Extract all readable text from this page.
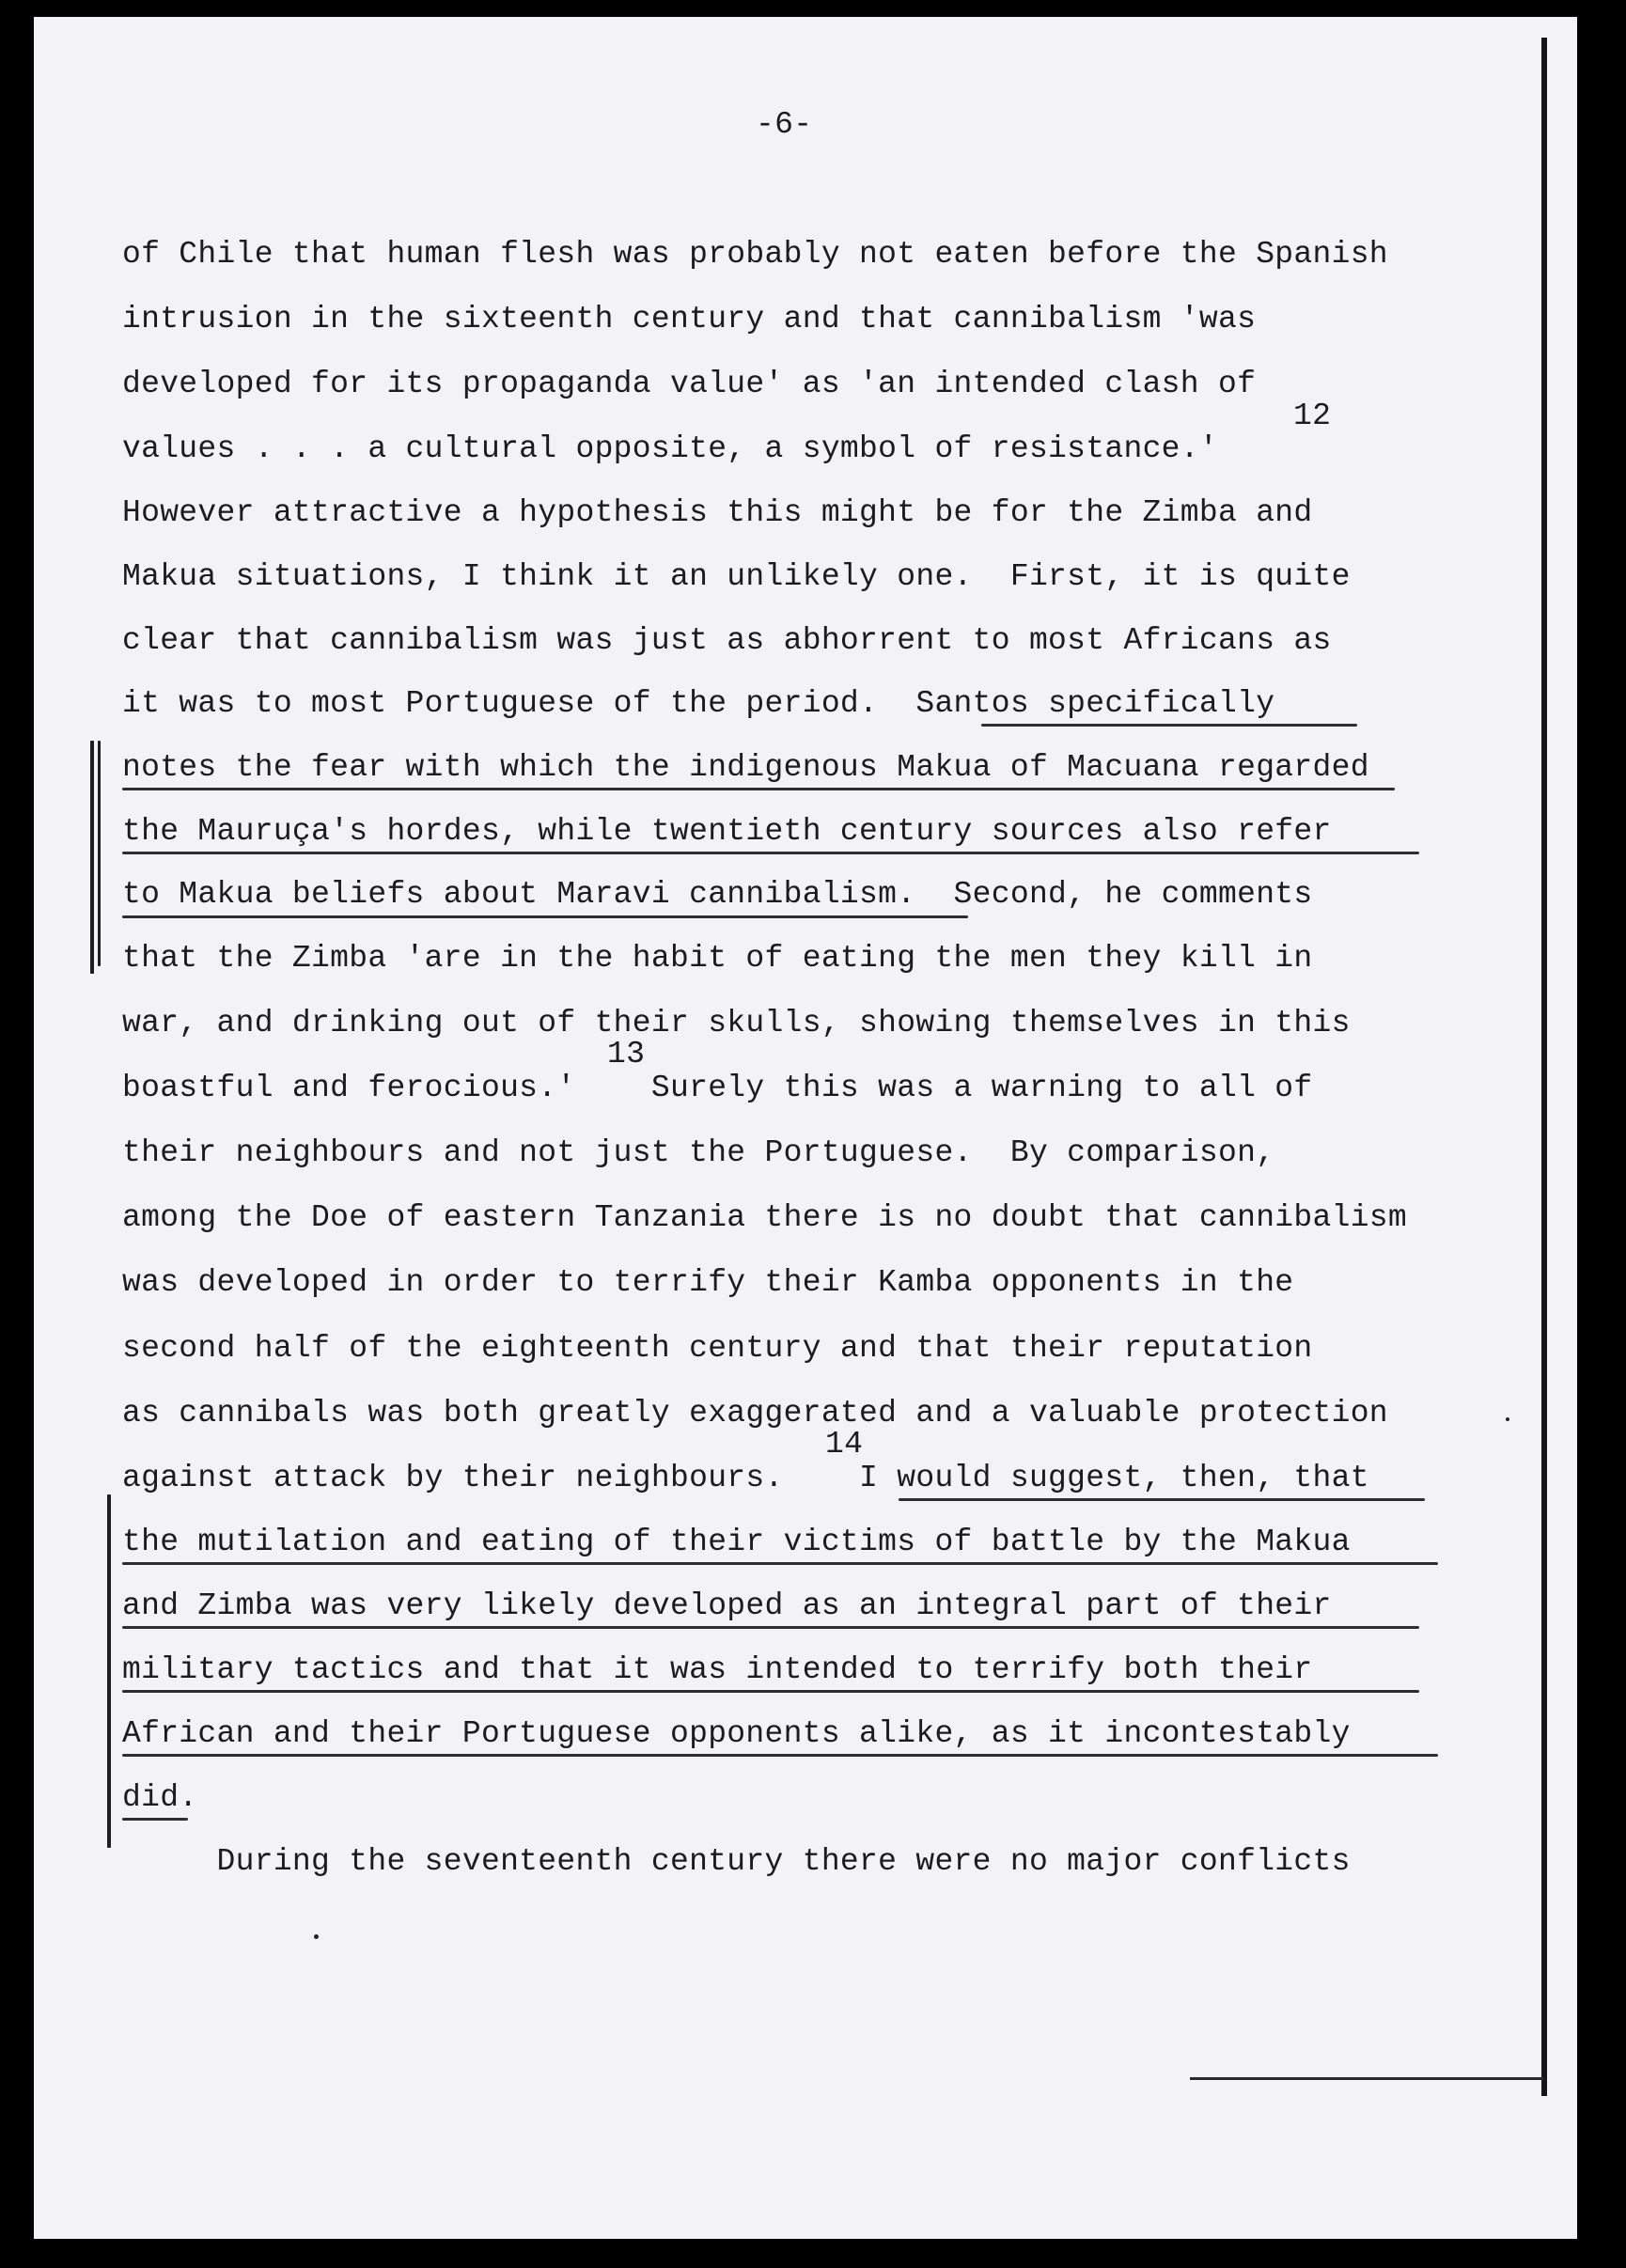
-6-
of Chile that human flesh was probably not eaten before the Spanish
intrusion in the sixteenth century and that cannibalism 'was
developed for its propaganda value' as 'an intended clash of
12
values . . . a cultural opposite, a symbol of resistance.'
However attractive a hypothesis this might be for the Zimba and
Makua situations, I think it an unlikely one.  First, it is quite
clear that cannibalism was just as abhorrent to most Africans as
it was to most Portuguese of the period.  Santos specifically
notes the fear with which the indigenous Makua of Macuana regarded
the Mauruça's hordes, while twentieth century sources also refer
to Makua beliefs about Maravi cannibalism.  Second, he comments
that the Zimba 'are in the habit of eating the men they kill in
war, and drinking out of their skulls, showing themselves in this
13
boastful and ferocious.'    Surely this was a warning to all of
their neighbours and not just the Portuguese.  By comparison,
among the Doe of eastern Tanzania there is no doubt that cannibalism
was developed in order to terrify their Kamba opponents in the
second half of the eighteenth century and that their reputation
as cannibals was both greatly exaggerated and a valuable protection
14
against attack by their neighbours.    I would suggest, then, that
the mutilation and eating of their victims of battle by the Makua
and Zimba was very likely developed as an integral part of their
military tactics and that it was intended to terrify both their
African and their Portuguese opponents alike, as it incontestably
did.
During the seventeenth century there were no major conflicts
